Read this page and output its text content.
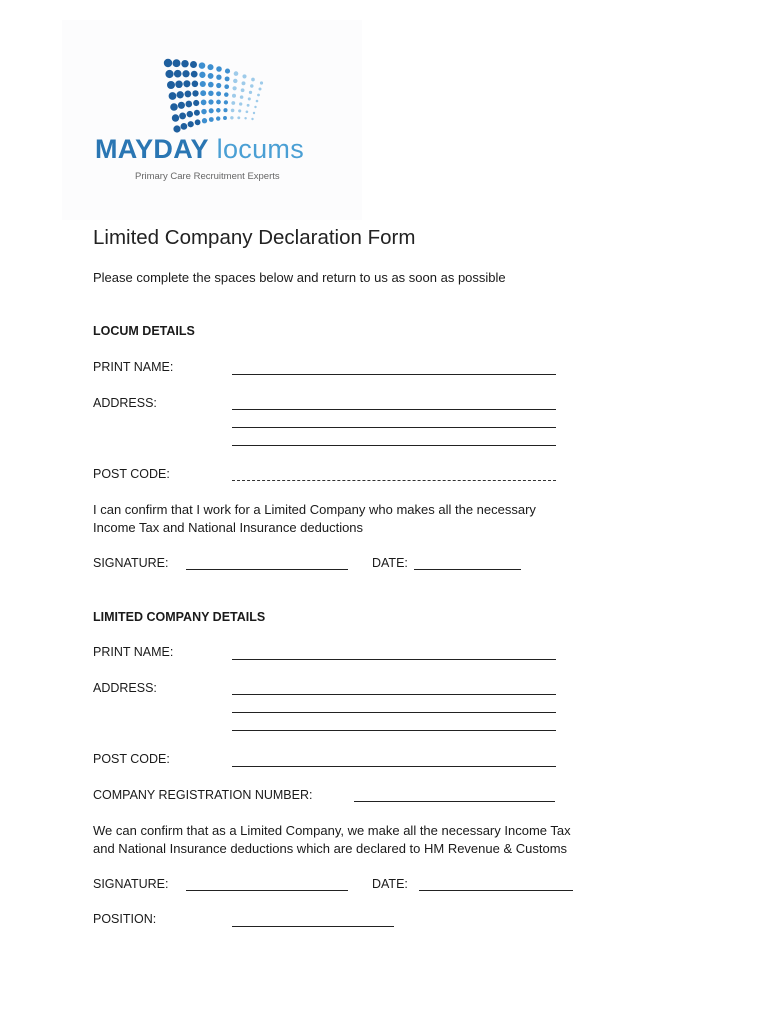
MAYDAY locums
Primary Care Recruitment Experts
Limited Company Declaration Form
Please complete the spaces below and return to us as soon as possible
LOCUM DETAILS
PRINT NAME:
ADDRESS:
POST CODE:
I can confirm that I work for a Limited Company who makes all the necessary
Income Tax and National Insurance deductions
SIGNATURE:	DATE:
LIMITED COMPANY DETAILS
PRINT NAME:
ADDRESS:
POST CODE:
COMPANY REGISTRATION NUMBER:
We can confirm that as a Limited Company, we make all the necessary Income Tax
and National Insurance deductions which are declared to HM Revenue & Customs
SIGNATURE:	DATE:
POSITION:
